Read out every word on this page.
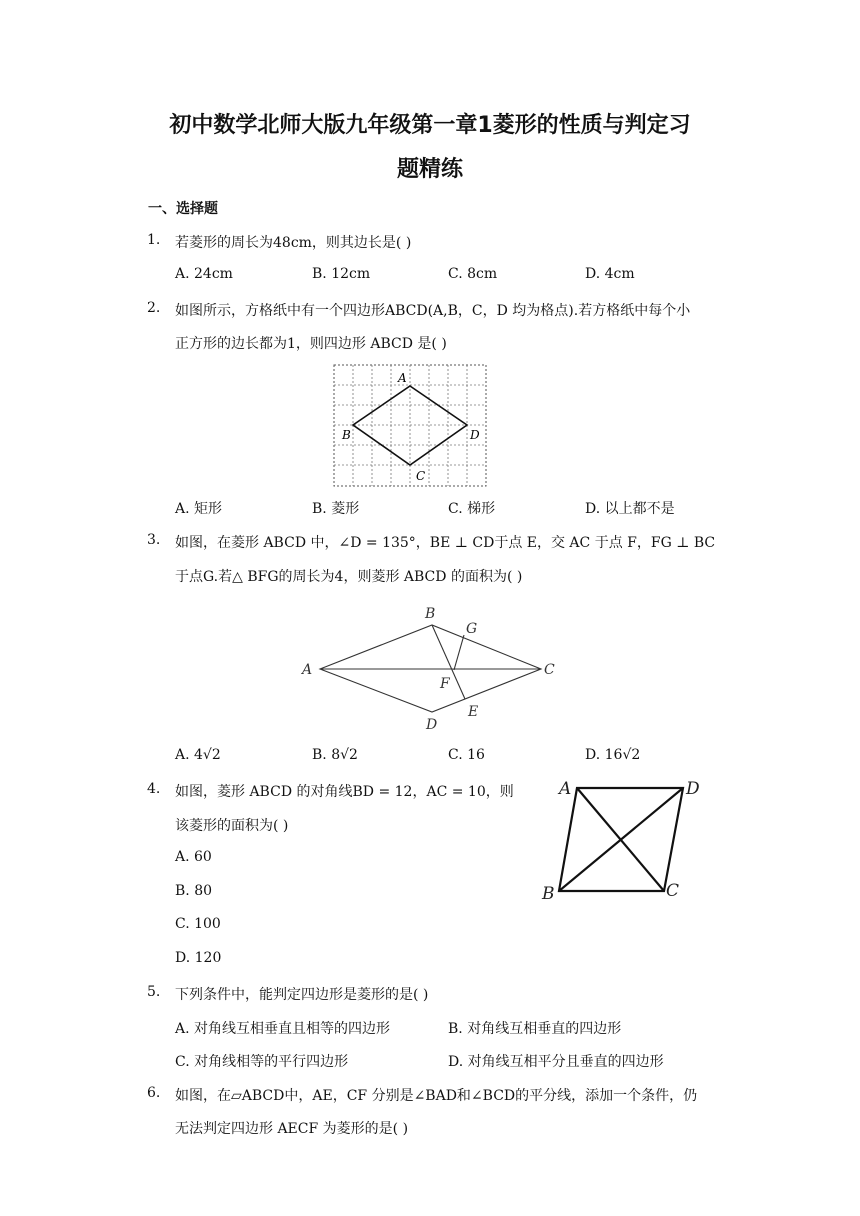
初中数学北师大版九年级第一章1菱形的性质与判定习
题精练
一、选择题
1. 若菱形的周长为48cm，则其边长是( )
A. 24cm	B. 12cm	C. 8cm	D. 4cm
2. 如图所示，方格纸中有一个四边形ABCD(A,B，C，D 均为格点).若方格纸中每个小
正方形的边长都为1，则四边形 ABCD 是( )
A
B
C
D
A. 矩形	B. 菱形	C. 梯形	D. 以上都不是
3. 如图，在菱形 ABCD 中，∠D = 135°，BE ⊥ CD于点 E，交 AC 于点 F，FG ⊥ BC
于点G.若△ BFG的周长为4，则菱形 ABCD 的面积为( )
A
B
C
D
E
F
G
A. 4√2	B. 8√2	C. 16	D. 16√2
4. 如图，菱形 ABCD 的对角线BD = 12，AC = 10，则
该菱形的面积为( )
A. 60
B. 80
C. 100
D. 120
A
B	C
D
5. 下列条件中，能判定四边形是菱形的是( )
A. 对角线互相垂直且相等的四边形	B. 对角线互相垂直的四边形
C. 对角线相等的平行四边形	D. 对角线互相平分且垂直的四边形
6. 如图，在▱ABCD中，AE，CF 分别是∠BAD和∠BCD的平分线，添加一个条件，仍
无法判定四边形 AECF 为菱形的是( )
